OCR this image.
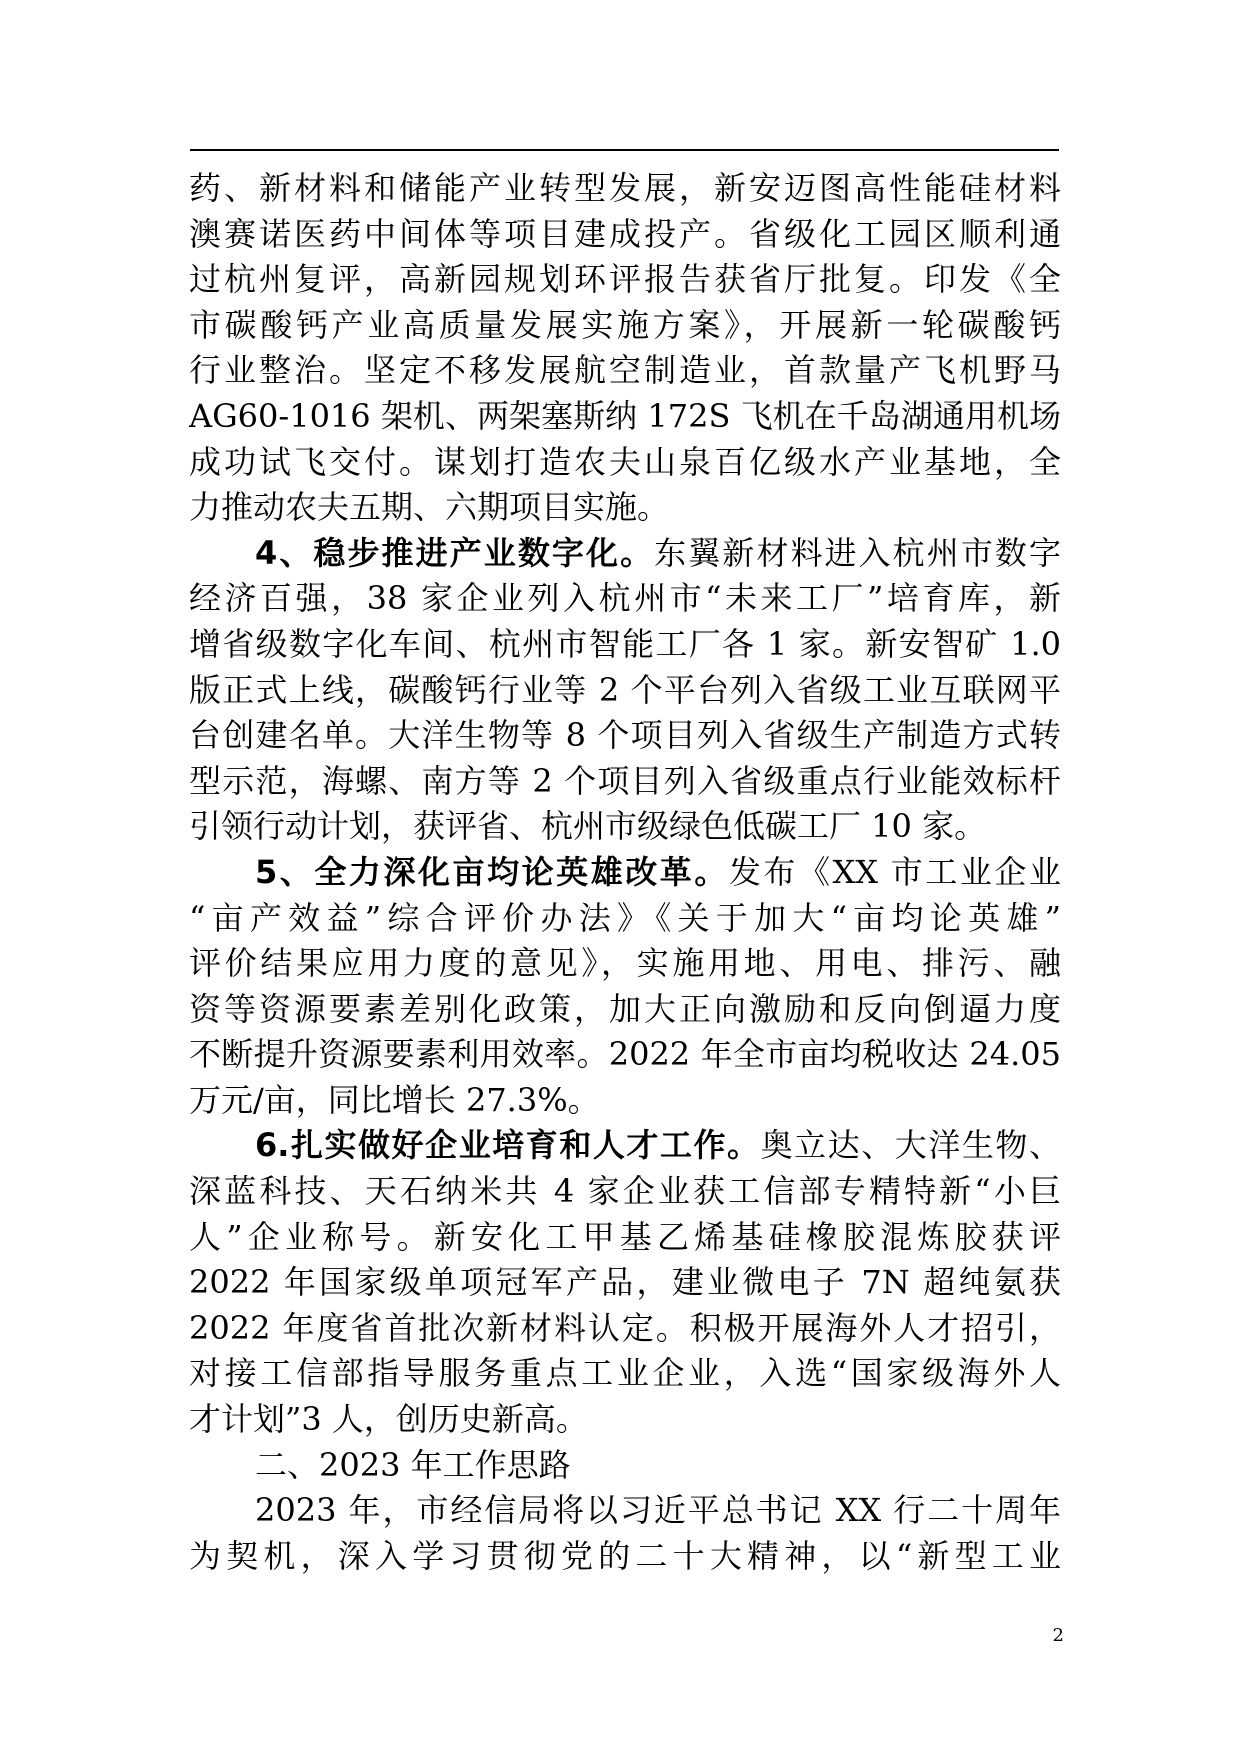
药、新材料和储能产业转型发展，新安迈图高性能硅材料
澳赛诺医药中间体等项目建成投产。省级化工园区顺利通
过杭州复评，高新园规划环评报告获省厅批复。印发《全
市碳酸钙产业高质量发展实施方案》，开展新一轮碳酸钙
行业整治。坚定不移发展航空制造业，首款量产飞机野马
AG60-1016 架机、两架塞斯纳 172S 飞机在千岛湖通用机场
成功试飞交付。谋划打造农夫山泉百亿级水产业基地，全
力推动农夫五期、六期项目实施。
4、稳步推进产业数字化。东翼新材料进入杭州市数字
经济百强，38 家企业列入杭州市“未来工厂”培育库，新
增省级数字化车间、杭州市智能工厂各 1 家。新安智矿 1.0
版正式上线，碳酸钙行业等 2 个平台列入省级工业互联网平
台创建名单。大洋生物等 8 个项目列入省级生产制造方式转
型示范，海螺、南方等 2 个项目列入省级重点行业能效标杆
引领行动计划，获评省、杭州市级绿色低碳工厂 10 家。
5、全力深化亩均论英雄改革。发布《XX 市工业企业
“亩产效益”综合评价办法》《关于加大“亩均论英雄”
评价结果应用力度的意见》，实施用地、用电、排污、融
资等资源要素差别化政策，加大正向激励和反向倒逼力度
不断提升资源要素利用效率。2022 年全市亩均税收达 24.05
万元/亩，同比增长 27.3%。
6.扎实做好企业培育和人才工作。奥立达、大洋生物、
深蓝科技、天石纳米共 4 家企业获工信部专精特新“小巨
人”企业称号。新安化工甲基乙烯基硅橡胶混炼胶获评
2022 年国家级单项冠军产品，建业微电子 7N 超纯氨获
2022 年度省首批次新材料认定。积极开展海外人才招引，
对接工信部指导服务重点工业企业，入选“国家级海外人
才计划”3 人，创历史新高。
二、2023 年工作思路
2023 年，市经信局将以习近平总书记 XX 行二十周年
为契机，深入学习贯彻党的二十大精神，以“新型工业
2
